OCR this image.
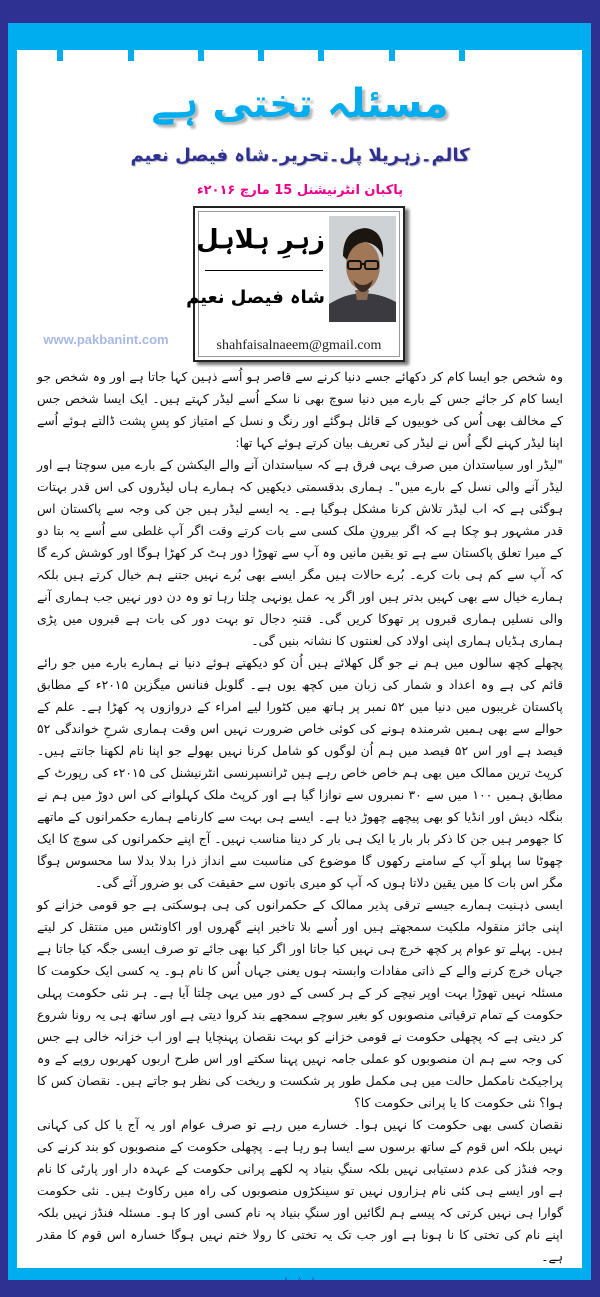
www.pakbanint.com
مسئلہ تختی ہے
کالم۔زہریلا پل۔تحریر۔شاہ فیصل نعیم
پاکبان انٹرنیشنل 15 مارچ ۲۰۱۶ء
زہرِ ہلاہل
شاہ فیصل نعیم
shahfaisalnaeem@gmail.com

وہ شخص جو ایسا کام کر دکھائے جسے دنیا کرنے سے قاصر ہو اُسے ذہین کہا جاتا ہے اور وہ شخص جو ایسا کام کر جائے جس کے بارے میں دنیا سوچ بھی نا سکے اُسے لیڈر کہتے ہیں۔ ایک ایسا شخص جس کے مخالف بھی اُس کی خوبیوں کے قائل ہوگئے اور رنگ و نسل کے امتیاز کو پسِ پشت ڈالتے ہوئے اُسے اپنا لیڈر کہنے لگے اُس نے لیڈر کی تعریف بیان کرتے ہوئے کہا تھا:

"لیڈر اور سیاستدان میں صرف یہی فرق ہے کہ سیاستدان آنے والے الیکشن کے بارے میں سوچتا ہے اور لیڈر آنے والی نسل کے بارے میں"۔ ہماری بدقسمتی دیکھیں کہ ہمارے ہاں لیڈروں کی اس قدر بہتات ہوگئی ہے کہ اب لیڈر تلاش کرنا مشکل ہوگیا ہے۔ یہ ایسے لیڈر ہیں جن کی وجہ سے پاکستان اس قدر مشہور ہو چکا ہے کہ اگر بیرونِ ملک کسی سے بات کرتے وقت اگر آپ غلطی سے اُسے یہ بتا دو کے میرا تعلق پاکستان سے ہے تو یقین مانیں وہ آپ سے تھوڑا دور ہٹ کر کھڑا ہوگا اور کوشش کرے گا کہ آپ سے کم ہی بات کرے۔ بُرے حالات ہیں مگر ایسے بھی بُرے نہیں جتنے ہم خیال کرتے ہیں بلکہ ہمارے خیال سے بھی کہیں بدتر ہیں اور اگر یہ عمل یونہی چلتا رہا تو وہ دن دور نہیں جب ہماری آنے والی نسلیں ہماری قبروں پر تھوکا کریں گی۔ فتنہِ دجال تو بہت دور کی بات ہے قبروں میں پڑی ہماری ہڈیاں ہماری اپنی اولاد کی لعنتوں کا نشانہ بنیں گی۔

پچھلے کچھ سالوں میں ہم نے جو گل کھلائے ہیں اُن کو دیکھتے ہوئے دنیا نے ہمارے بارے میں جو رائے قائم کی ہے وہ اعداد و شمار کی زبان میں کچھ یوں ہے۔ گلوبل فنانس میگزین ۲۰۱۵ء کے مطابق پاکستان غریبوں میں دنیا میں ۵۲ نمبر پر ہاتھ میں کٹورا لیے امراء کے دروازوں پہ کھڑا ہے۔ علم کے حوالے سے بھی ہمیں شرمندہ ہونے کی کوئی خاص ضرورت نہیں اس وقت ہماری شرحِ خواندگی ۵۲ فیصد ہے اور اس ۵۲ فیصد میں ہم اُن لوگوں کو شامل کرنا نہیں بھولے جو اپنا نام لکھنا جانتے ہیں۔ کرپٹ ترین ممالک میں بھی ہم خاص خاص رہے ہیں ٹرانسپرنسی انٹرنیشنل کی ۲۰۱۵ء کی رپورٹ کے مطابق ہمیں ۱۰۰ میں سے ۳۰ نمبروں سے نوازا گیا ہے اور کرپٹ ملک کہلوانے کی اس دوڑ میں ہم نے بنگلہ دیش اور انڈیا کو بھی پیچھے چھوڑ دیا ہے۔ ایسے ہی بہت سے کارنامے ہمارے حکمرانوں کے ماتھے کا جھومر ہیں جن کا ذکر بار بار یا ایک ہی بار کر دینا مناسب نہیں۔ آج اپنے حکمرانوں کی سوچ کا ایک چھوٹا سا پہلو آپ کے سامنے رکھوں گا موضوع کی مناسبت سے انداز ذرا بدلا بدلا سا محسوس ہوگا مگر اس بات کا میں یقین دلاتا ہوں کہ آپ کو میری باتوں سے حقیقت کی بو ضرور آئے گی۔

ایسی ذہنیت ہمارے جیسے ترقی پذیر ممالک کے حکمرانوں کی ہی ہوسکتی ہے جو قومی خزانے کو اپنی جائز منقولہ ملکیت سمجھتے ہیں اور اُسے بلا تاخیر اپنے گھروں اور اکاونٹس میں منتقل کر لیتے ہیں۔ پہلے تو عوام پر کچھ خرچ ہی نہیں کیا جاتا اور اگر کیا بھی جائے تو صرف ایسی جگہ کیا جاتا ہے جہاں خرچ کرنے والے کے ذاتی مفادات وابستہ ہوں یعنی جہاں اُس کا نام ہو۔ یہ کسی ایک حکومت کا مسئلہ نہیں تھوڑا بہت اوپر نیچے کر کے ہر کسی کے دور میں یہی چلتا آیا ہے۔ ہر نئی حکومت پہلی حکومت کے تمام ترقیاتی منصوبوں کو بغیر سوچے سمجھے بند کروا دیتی ہے اور ساتھ ہی یہ رونا شروع کر دیتی ہے کہ پچھلی حکومت نے قومی خزانے کو بہت نقصان پہنچایا ہے اور اب خزانہ خالی ہے جس کی وجہ سے ہم ان منصوبوں کو عملی جامہ نہیں پہنا سکتے اور اس طرح اربوں کھربوں روپے کے وہ پراجیکٹ نامکمل حالت میں ہی مکمل طور پر شکست و ریخت کی نظر ہو جاتے ہیں۔ نقصان کس کا ہوا؟ نئی حکومت کا یا پرانی حکومت کا؟

نقصان کسی بھی حکومت کا نہیں ہوا۔ خسارے میں رہے تو صرف عوام اور یہ آج یا کل کی کہانی نہیں بلکہ اس قوم کے ساتھ برسوں سے ایسا ہو رہا ہے۔ پچھلی حکومت کے منصوبوں کو بند کرنے کی وجہ فنڈز کی عدم دستیابی نہیں بلکہ سنگِ بنیاد پہ لکھے پرانی حکومت کے عہدہ دار اور پارٹی کا نام ہے اور ایسے ہی کئی نام ہزاروں نہیں تو سینکڑوں منصوبوں کی راہ میں رکاوٹ ہیں۔ نئی حکومت گوارا ہی نہیں کرتی کہ پیسے ہم لگائیں اور سنگِ بنیاد پہ نام کسی اور کا ہو۔ مسئلہ فنڈز نہیں بلکہ اپنے نام کی تختی کا نا ہونا ہے اور جب تک یہ تختی کا رولا ختم نہیں ہوگا خسارہ اس قوم کا مقدر ہے۔

☆☆☆
